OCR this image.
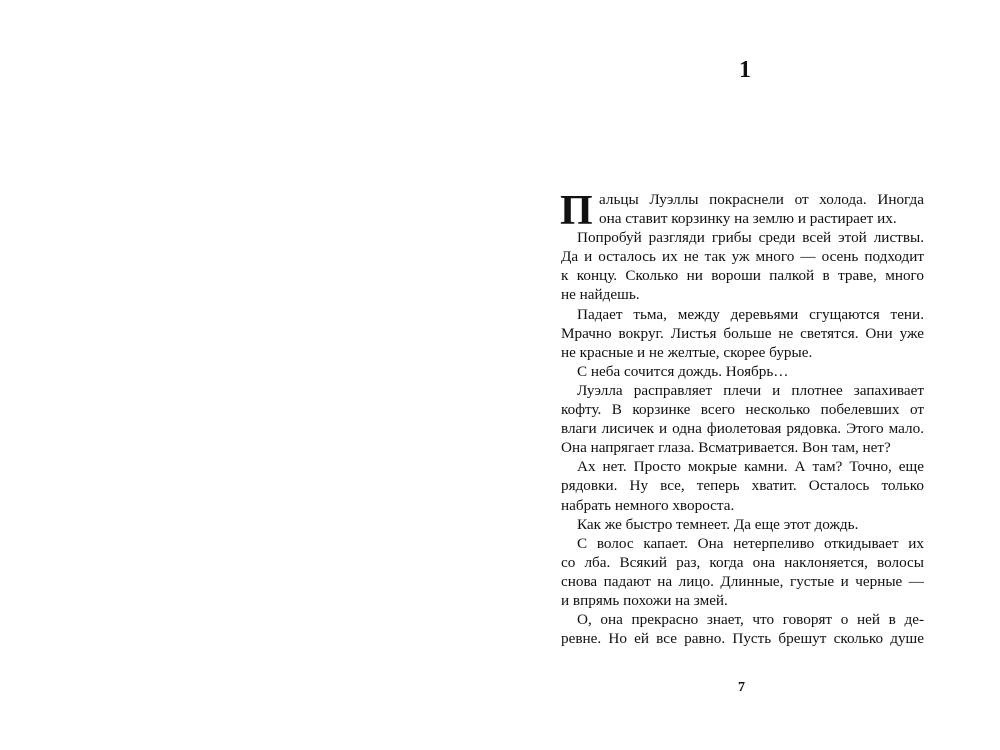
1
П альцы Луэллы покраснели от холода. Иногда
она ставит корзинку на землю и растирает их.
Попробуй разгляди грибы среди всей этой листвы.
Да и осталось их не так уж много — осень подходит
к концу. Сколько ни вороши палкой в траве, много
не найдешь.
Падает тьма, между деревьями сгущаются тени.
Мрачно вокруг. Листья больше не светятся. Они уже
не красные и не желтые, скорее бурые.
С неба сочится дождь. Ноябрь…
Луэлла расправляет плечи и плотнее запахивает
кофту. В корзинке всего несколько побелевших от
влаги лисичек и одна фиолетовая рядовка. Этого мало.
Она напрягает глаза. Всматривается. Вон там, нет?
Ах нет. Просто мокрые камни. А там? Точно, еще
рядовки. Ну все, теперь хватит. Осталось только
набрать немного хвороста.
Как же быстро темнеет. Да еще этот дождь.
С волос капает. Она нетерпеливо откидывает их
со лба. Всякий раз, когда она наклоняется, волосы
снова падают на лицо. Длинные, густые и черные —
и впрямь похожи на змей.
О, она прекрасно знает, что говорят о ней в де-
ревне. Но ей все равно. Пусть брешут сколько душе
7
